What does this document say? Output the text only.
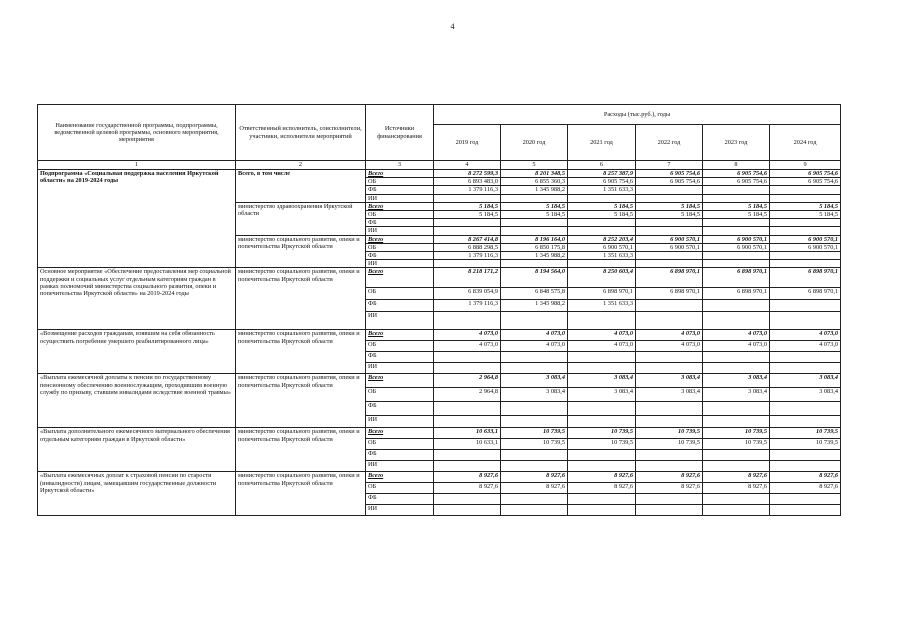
4
Наименование государственной программы, подпрограммы, ведомственной целевой программы, основного мероприятия, мероприятия	Ответственный исполнитель, соисполнители, участники, исполнители мероприятий	Источники финансирования	Расходы (тыс.руб.), годы					
			2019 год	2020 год	2021 год	2022 год	2023 год	2024 год
1	2	3	4	5	6	7	8	9
Подпрограмма «Социальная поддержка населения Иркутской области» на 2019-2024 годы	Всего, в том числе	Всего	8 272 599,3	8 201 348,5	8 257 387,9	6 905 754,6	6 905 754,6	6 905 754,6
		ОБ	6 893 483,0	6 855 360,3	6 905 754,6	6 905 754,6	6 905 754,6	6 905 754,6
		ФБ	1 379 116,3	1 345 988,2	1 351 633,3			
		ИИ						
	министерство здравоохранения Иркутской области	Всего	5 184,5	5 184,5	5 184,5	5 184,5	5 184,5	5 184,5
		ОБ	5 184,5	5 184,5	5 184,5	5 184,5	5 184,5	5 184,5
		ФБ						
		ИИ						
	министерство социального развития, опеки и попечительства Иркутской области	Всего	8 267 414,8	8 196 164,0	8 252 203,4	6 900 570,1	6 900 570,1	6 900 570,1
		ОБ	6 888 298,5	6 850 175,8	6 900 570,1	6 900 570,1	6 900 570,1	6 900 570,1
		ФБ	1 379 116,3	1 345 988,2	1 351 633,3			
		ИИ						
Основное мероприятие «Обеспечение предоставления мер социальной поддержки и социальных услуг отдельным категориям граждан в рамках полномочий министерства социального развития, опеки и попечительства Иркутской области» на 2019-2024 годы	министерство социального развития, опеки и попечительства Иркутской области	Всего	8 218 171,2	8 194 564,0	8 250 603,4	6 898 970,1	6 898 970,1	6 898 970,1
		ОБ	6 839 054,9	6 848 575,8	6 898 970,1	6 898 970,1	6 898 970,1	6 898 970,1
		ФБ	1 379 116,3	1 345 988,2	1 351 633,3			
		ИИ						
«Возмещение расходов гражданам, взявшим на себя обязанность осуществить погребение умершего реабилитированного лица»	министерство социального развития, опеки и попечительства Иркутской области	Всего	4 073,0	4 073,0	4 073,0	4 073,0	4 073,0	4 073,0
		ОБ	4 073,0	4 073,0	4 073,0	4 073,0	4 073,0	4 073,0
		ФБ						
		ИИ						
«Выплата ежемесячной доплаты к пенсии по государственному пенсионному обеспечению военнослужащим, проходившим военную службу по призыву, ставшим инвалидами вследствие военной травмы»	министерство социального развития, опеки и попечительства Иркутской области	Всего	2 964,8	3 083,4	3 083,4	3 083,4	3 083,4	3 083,4
		ОБ	2 964,8	3 083,4	3 083,4	3 083,4	3 083,4	3 083,4
		ФБ						
		ИИ						
«Выплата дополнительного ежемесячного материального обеспечения отдельным категориям граждан в Иркутской области»	министерство социального развития, опеки и попечительства Иркутской области	Всего	10 633,1	10 739,5	10 739,5	10 739,5	10 739,5	10 739,5
		ОБ	10 633,1	10 739,5	10 739,5	10 739,5	10 739,5	10 739,5
		ФБ						
		ИИ						
«Выплата ежемесячных доплат к страховой пенсии по старости (инвалидности) лицам, замещавшим государственные должности Иркутской области»	министерство социального развития, опеки и попечительства Иркутской области	Всего	8 927,6	8 927,6	8 927,6	8 927,6	8 927,6	8 927,6
		ОБ	8 927,6	8 927,6	8 927,6	8 927,6	8 927,6	8 927,6
		ФБ						
		ИИ						
